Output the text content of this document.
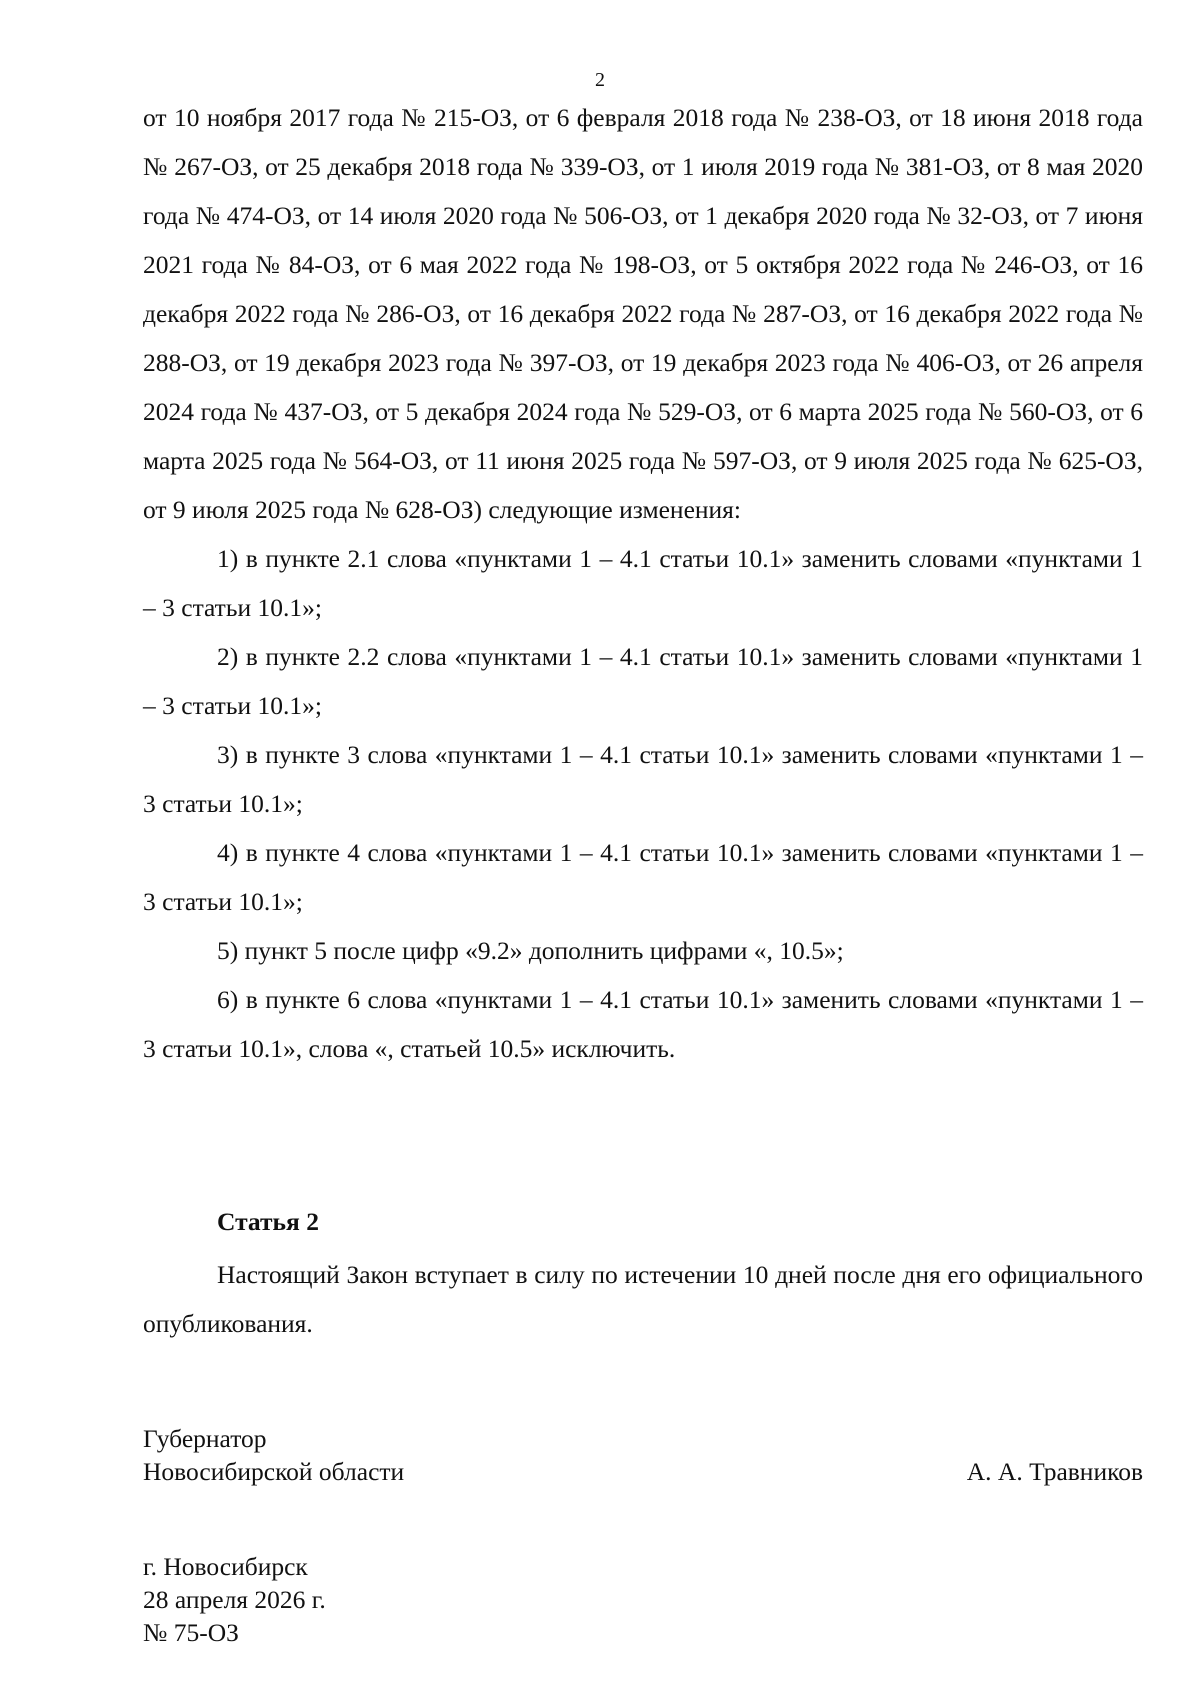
2

от 10 ноября 2017 года № 215-ОЗ, от 6 февраля 2018 года № 238-ОЗ, от 18 июня 2018 года № 267-ОЗ, от 25 декабря 2018 года № 339-ОЗ, от 1 июля 2019 года № 381-ОЗ, от 8 мая 2020 года № 474-ОЗ, от 14 июля 2020 года № 506-ОЗ, от 1 декабря 2020 года № 32-ОЗ, от 7 июня 2021 года № 84-ОЗ, от 6 мая 2022 года № 198-ОЗ, от 5 октября 2022 года № 246-ОЗ, от 16 декабря 2022 года № 286-ОЗ, от 16 декабря 2022 года № 287-ОЗ, от 16 декабря 2022 года № 288-ОЗ, от 19 декабря 2023 года № 397-ОЗ, от 19 декабря 2023 года № 406-ОЗ, от 26 апреля 2024 года № 437-ОЗ, от 5 декабря 2024 года № 529-ОЗ, от 6 марта 2025 года № 560-ОЗ, от 6 марта 2025 года № 564-ОЗ, от 11 июня 2025 года № 597-ОЗ, от 9 июля 2025 года № 625-ОЗ, от 9 июля 2025 года № 628-ОЗ) следующие изменения:

1) в пункте 2.1 слова «пунктами 1 – 4.1 статьи 10.1» заменить словами «пунктами 1 – 3 статьи 10.1»;

2) в пункте 2.2 слова «пунктами 1 – 4.1 статьи 10.1» заменить словами «пунктами 1 – 3 статьи 10.1»;

3) в пункте 3 слова «пунктами 1 – 4.1 статьи 10.1» заменить словами «пунктами 1 – 3 статьи 10.1»;

4) в пункте 4 слова «пунктами 1 – 4.1 статьи 10.1» заменить словами «пунктами 1 – 3 статьи 10.1»;

5) пункт 5 после цифр «9.2» дополнить цифрами «, 10.5»;

6) в пункте 6 слова «пунктами 1 – 4.1 статьи 10.1» заменить словами «пунктами 1 – 3 статьи 10.1», слова «, статьей 10.5» исключить.

Статья 2

Настоящий Закон вступает в силу по истечении 10 дней после дня его официального опубликования.

Губернатор
Новосибирской области	А. А. Травников
г. Новосибирск
28 апреля 2026 г.
№ 75-ОЗ
